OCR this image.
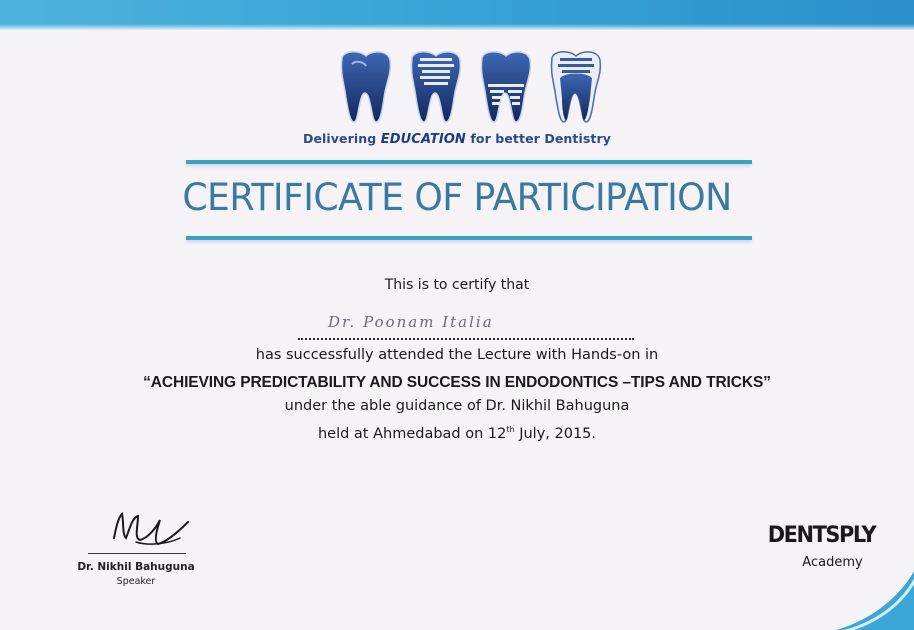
Delivering EDUCATION for better Dentistry
CERTIFICATE OF PARTICIPATION
This is to certify that
Dr. Poonam Italia
has successfully attended the Lecture with Hands-on in
“ACHIEVING PREDICTABILITY AND SUCCESS IN ENDODONTICS –TIPS AND TRICKS”
under the able guidance of Dr. Nikhil Bahuguna
held at Ahmedabad on 12th July, 2015.
Dr. Nikhil Bahuguna
Speaker
DENTSPLY
Academy
